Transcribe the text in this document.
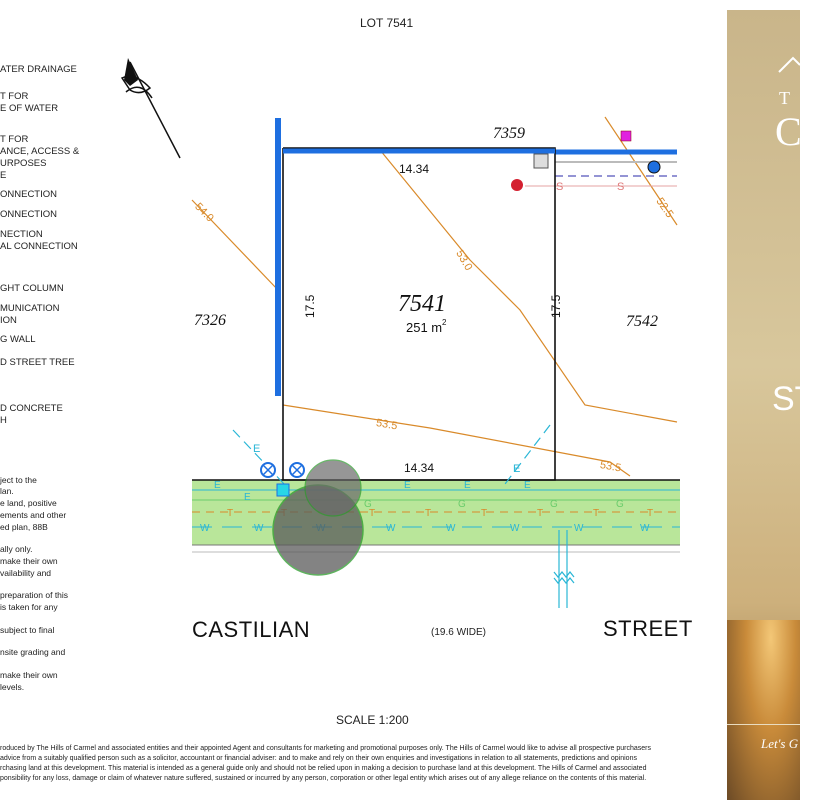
LOT 7541
ATER DRAINAGE
T FOR
E OF WATER
T FOR
ANCE, ACCESS &
URPOSES
E
ONNECTION
ONNECTION
NECTION
AL CONNECTION
GHT COLUMN
MUNICATION
ION
G WALL
D STREET TREE
D CONCRETE
H
ject to the
lan.
e land, positive
ements and other
ed plan, 88B
ally only.
make their own
vailability and
preparation of this
is taken for any
subject to final
nsite grading and
make their own
levels.
E
E
E	E	E
W	W	W	W	W	W	W
T	T	T	T	T	T	T
G	G	G	G
54.0
53.0
52.5
53.5
53.5
S	S
14.34
14.34
17.5	17.5
7541
7359
7326	7542
251 m 2
E
E
CASTILIAN	STREET
(19.6 WIDE)
SCALE 1:200
roduced by The Hills of Carmel and associated entities and their appointed Agent and consultants for marketing and promotional purposes only. The Hills of Carmel would like to advise all prospective purchasers
advice from a suitably qualified person such as a solicitor, accountant or financial adviser: and to make and rely on their own enquiries and investigations in relation to all statements, predictions and opinions
rchasing land at this development. This material is intended as a general guide only and should not be relied upon in making a decision to purchase land at this development. The Hills of Carmel and associated
ponsibility for any loss, damage or claim of whatever nature suffered, sustained or incurred by any person, corporation or other legal entity which arises out of any allege reliance on the contents of this material.
T
C
ST
Let's G
